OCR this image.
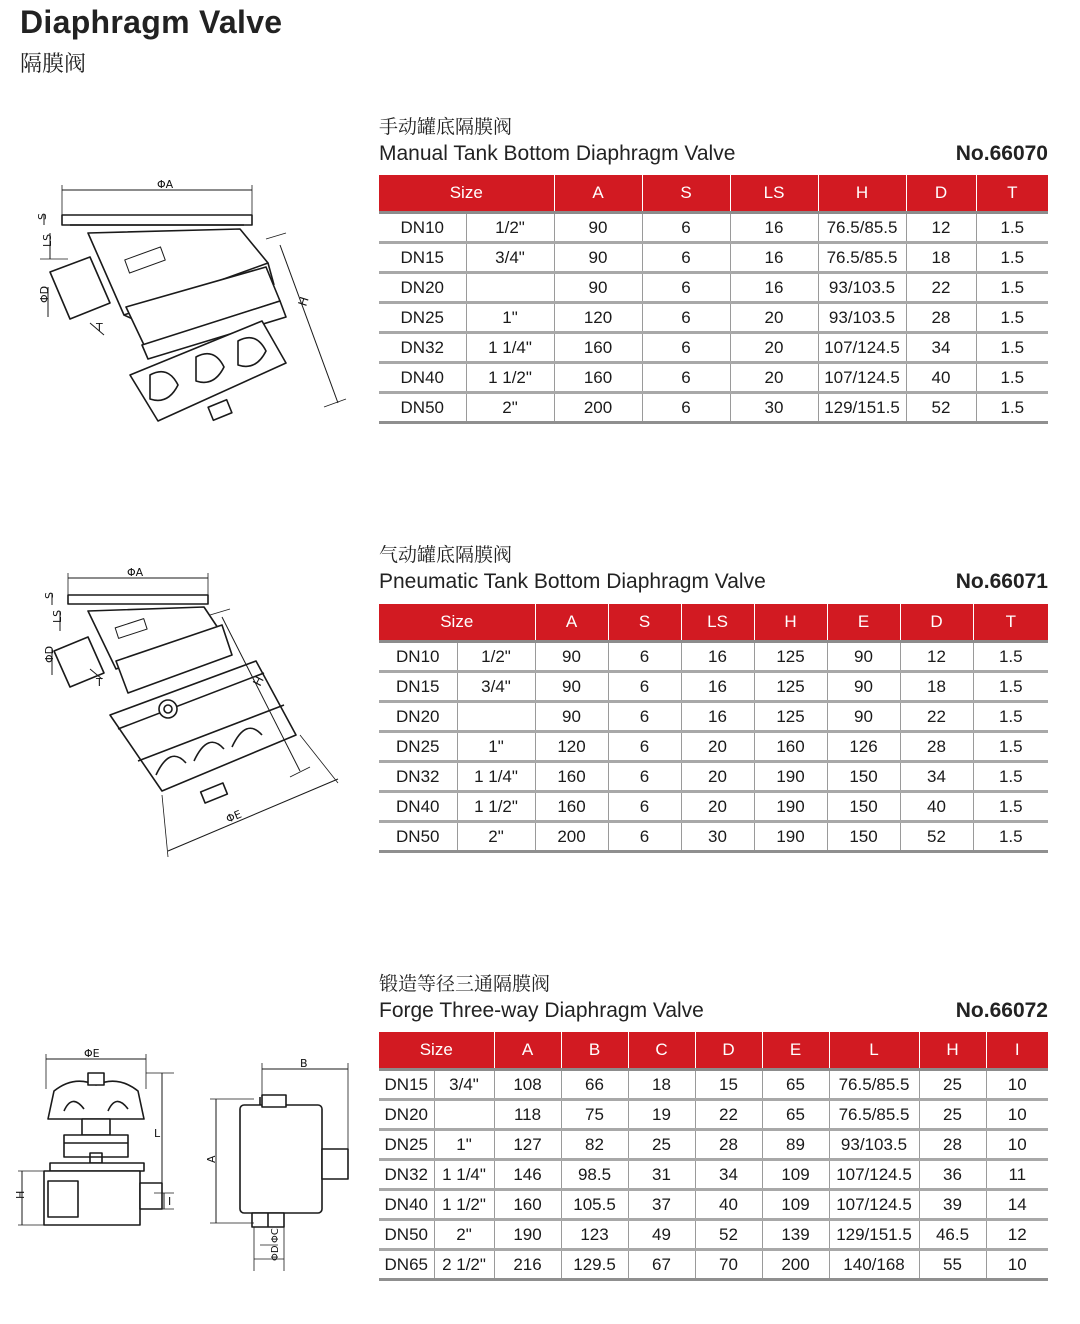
Diaphragm Valve
隔膜阀
ΦA
S
LS
ΦD
T
H
手动罐底隔膜阀
Manual Tank Bottom Diaphragm Valve	No.66070
Size		A	S	LS	H	D	T
DN10	1/2"	90	6	16	76.5/85.5	12	1.5
DN15	3/4"	90	6	16	76.5/85.5	18	1.5
DN20		90	6	16	93/103.5	22	1.5
DN25	1"	120	6	20	93/103.5	28	1.5
DN32	1 1/4"	160	6	20	107/124.5	34	1.5
DN40	1 1/2"	160	6	20	107/124.5	40	1.5
DN50	2"	200	6	30	129/151.5	52	1.5
ΦA
S
LS
ΦD
T	H
ΦE
气动罐底隔膜阀
Pneumatic Tank Bottom Diaphragm Valve	No.66071
Size		A	S	LS	H	E	D	T
DN10	1/2"	90	6	16	125	90	12	1.5
DN15	3/4"	90	6	16	125	90	18	1.5
DN20		90	6	16	125	90	22	1.5
DN25	1"	120	6	20	160	126	28	1.5
DN32	1 1/4"	160	6	20	190	150	34	1.5
DN40	1 1/2"	160	6	20	190	150	40	1.5
DN50	2"	200	6	30	190	150	52	1.5
ΦE
L
H
I
B
A
ΦC
ΦD
锻造等径三通隔膜阀
Forge Three-way Diaphragm Valve	No.66072
Size		A	B	C	D	E	L	H	I
DN15	3/4"	108	66	18	15	65	76.5/85.5	25	10
DN20		118	75	19	22	65	76.5/85.5	25	10
DN25	1"	127	82	25	28	89	93/103.5	28	10
DN32	1 1/4"	146	98.5	31	34	109	107/124.5	36	11
DN40	1 1/2"	160	105.5	37	40	109	107/124.5	39	14
DN50	2"	190	123	49	52	139	129/151.5	46.5	12
DN65	2 1/2"	216	129.5	67	70	200	140/168	55	10
